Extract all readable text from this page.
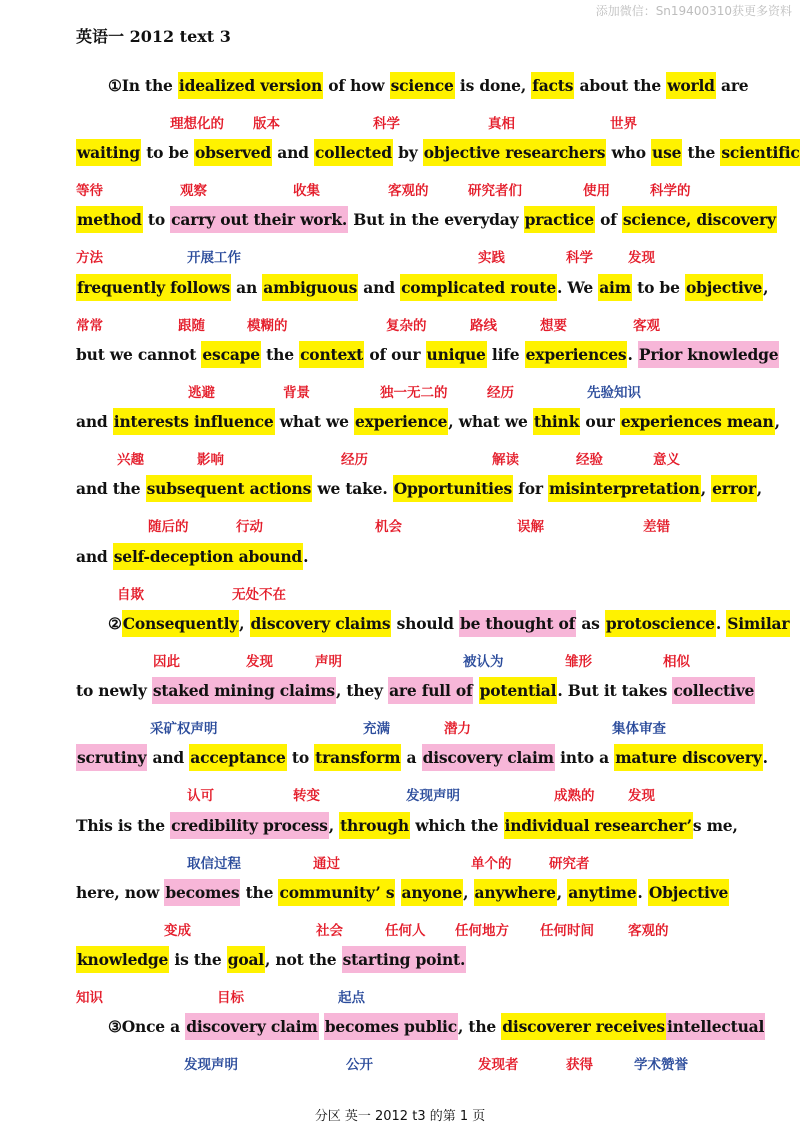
添加微信：Sn19400310获更多资料
英语一 2012 text 3
①In the idealized version of how science is done, facts about the world are
waiting to be observed and collected by objective researchers who use the scientific
method to carry out their work. But in the everyday practice of science, discovery
frequently follows an ambiguous and complicated route. We aim to be objective,
but we cannot escape the context of our unique life experiences. Prior knowledge
and interests influence what we experience, what we think our experiences mean,
and the subsequent actions we take. Opportunities for misinterpretation, error,
and self-deception abound.
②Consequently, discovery claims should be thought of as protoscience. Similar
to newly staked mining claims, they are full of potential. But it takes collective
scrutiny and acceptance to transform a discovery claim into a mature discovery.
This is the credibility process, through which the individual researcher’s me,
here, now becomes the community’ s anyone, anywhere, anytime. Objective
knowledge is the goal, not the starting point.
③Once a discovery claim becomes public, the discoverer receives intellectual
理想化的 版本	科学	真相	世界
等待	观察	收集	客观的	研究者们	使用	科学的
方法	开展工作	实践	科学	发现
常常	跟随	模糊的	复杂的	路线	想要	客观
逃避	背景	独一无二的	经历	先验知识
兴趣	影响	经历	解读	经验	意义
随后的	行动	机会	误解	差错
自欺	无处不在
因此	发现	声明	被认为	雏形	相似
采矿权声明	充满	潜力	集体审查
认可	转变	发现声明	成熟的 发现
取信过程	通过	单个的	研究者
变成	社会	任何人 任何地方 任何时间	客观的
知识	目标	起点
发现声明	公开	发现者	获得	学术赞誉
分区 英一 2012 t3 的第 1 页
